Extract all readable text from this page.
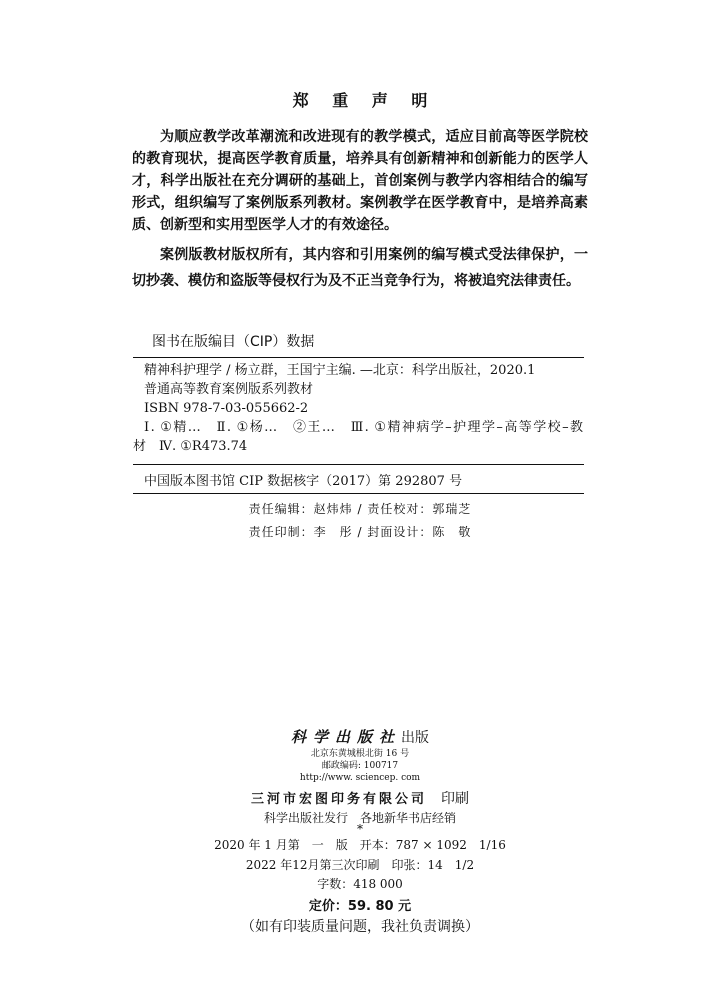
郑 重 声 明

为顺应教学改革潮流和改进现有的教学模式，适应目前高等医学院校的教育现状，提高医学教育质量，培养具有创新精神和创新能力的医学人才，科学出版社在充分调研的基础上，首创案例与教学内容相结合的编写形式，组织编写了案例版系列教材。案例教学在医学教育中，是培养高素质、创新型和实用型医学人才的有效途径。

案例版教材版权所有，其内容和引用案例的编写模式受法律保护，一切抄袭、模仿和盗版等侵权行为及不正当竞争行为，将被追究法律责任。

图书在版编目（CIP）数据
精神科护理学 / 杨立群，王国宁主编. —北京：科学出版社，2020.1
普通高等教育案例版系列教材
ISBN 978-7-03-055662-2
Ⅰ. ①精…　Ⅱ. ①杨…　②王…　Ⅲ. ①精神病学–护理学–高等学校–教
材　Ⅳ. ①R473.74
中国版本图书馆 CIP 数据核字（2017）第 292807 号
责任编辑：赵炜炜 / 责任校对：郭瑞芝
责任印制：李　彤 / 封面设计：陈　敬
科学出版社出版
北京东黄城根北街 16 号
邮政编码: 100717
http://www. sciencep. com
三河市宏图印务有限公司　 印刷
科学出版社发行　各地新华书店经销
*
2020 年 1 月第　一　版　开本：787 × 1092　1/16
2022 年12月第三次印刷　印张：14　1/2
字数：418 000
定价：59. 80 元
（如有印装质量问题，我社负责调换）
